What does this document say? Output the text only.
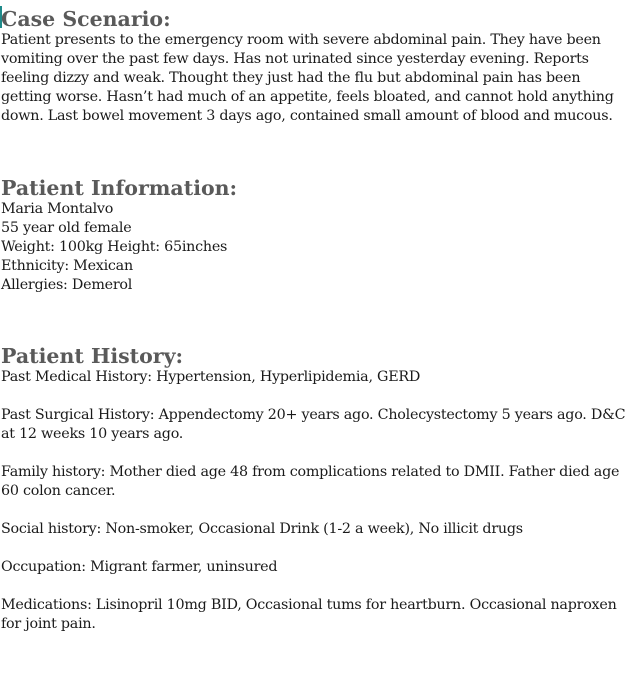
Case Scenario:

Patient presents to the emergency room with severe abdominal pain. They have been vomiting over the past few days. Has not urinated since yesterday evening. Reports feeling dizzy and weak. Thought they just had the flu but abdominal pain has been getting worse. Hasn’t had much of an appetite, feels bloated, and cannot hold anything down. Last bowel movement 3 days ago, contained small amount of blood and mucous.

Patient Information:

Maria Montalvo

55 year old female

Weight: 100kg Height: 65inches

Ethnicity: Mexican

Allergies: Demerol

Patient History:

Past Medical History: Hypertension, Hyperlipidemia, GERD

Past Surgical History: Appendectomy 20+ years ago. Cholecystectomy 5 years ago. D&C at 12 weeks 10 years ago.

Family history: Mother died age 48 from complications related to DMII. Father died age 60 colon cancer.

Social history: Non-smoker, Occasional Drink (1-2 a week), No illicit drugs

Occupation: Migrant farmer, uninsured

Medications: Lisinopril 10mg BID, Occasional tums for heartburn. Occasional naproxen for joint pain.
